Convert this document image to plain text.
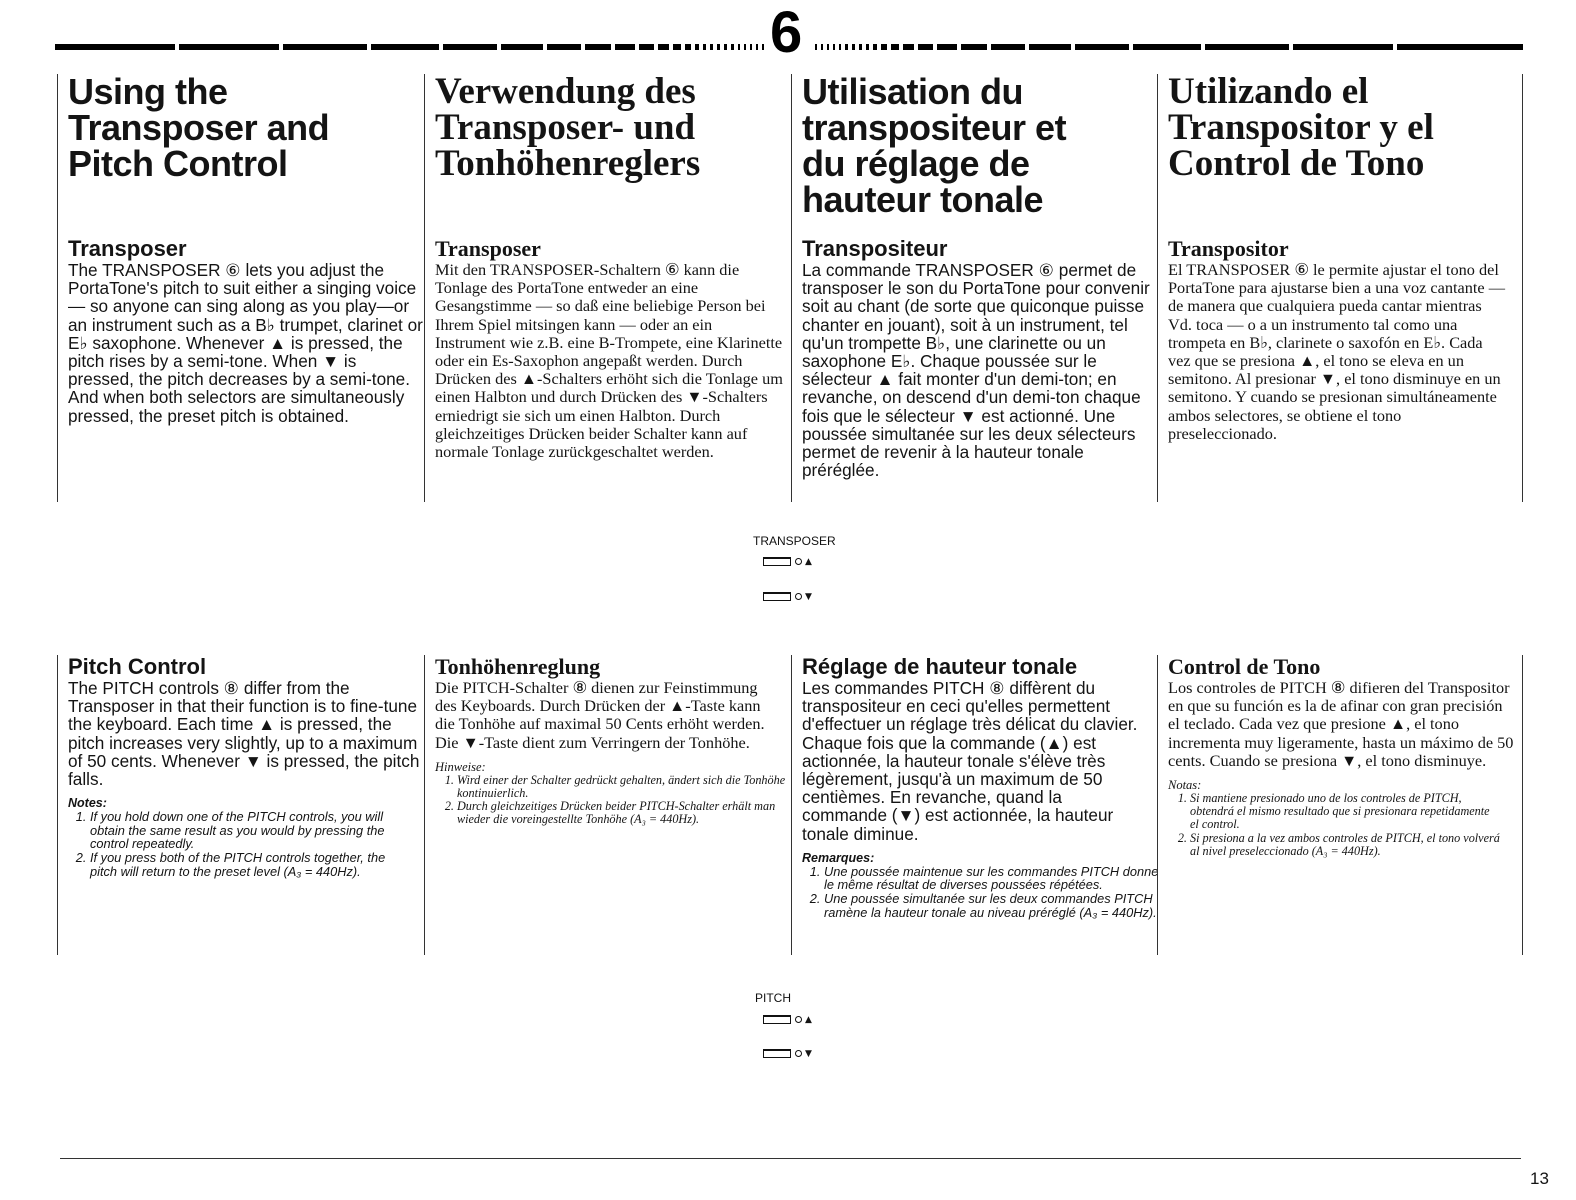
6
Using the
Transposer and
Pitch Control
Transposer

The TRANSPOSER ⑥ lets you adjust the PortaTone's pitch to suit either a singing voice — so anyone can sing along as you play—or an instrument such as a B♭ trumpet, clarinet or E♭ saxophone. Whenever ▲ is pressed, the pitch rises by a semi-tone. When ▼ is pressed, the pitch decreases by a semi-tone. And when both selectors are simultaneously pressed, the preset pitch is obtained.

Verwendung des
Transposer- und
Tonhöhenreglers
Transposer

Mit den TRANSPOSER-Schaltern ⑥ kann die Tonlage des PortaTone entweder an eine Gesangstimme — so daß eine beliebige Person bei Ihrem Spiel mitsingen kann — oder an ein Instrument wie z.B. eine B-Trompete, eine Klarinette oder ein Es-Saxophon angepaßt werden. Durch Drücken des ▲-Schalters erhöht sich die Tonlage um einen Halbton und durch Drücken des ▼-Schalters erniedrigt sie sich um einen Halbton. Durch gleichzeitiges Drücken beider Schalter kann auf normale Tonlage zurückgeschaltet werden.

Utilisation du
transpositeur et
du réglage de
hauteur tonale
Transpositeur

La commande TRANSPOSER ⑥ permet de transposer le son du PortaTone pour convenir soit au chant (de sorte que quiconque puisse chanter en jouant), soit à un instrument, tel qu'un trompette B♭, une clarinette ou un saxophone E♭. Chaque poussée sur le sélecteur ▲ fait monter d'un demi-ton; en revanche, on descend d'un demi-ton chaque fois que le sélecteur ▼ est actionné. Une poussée simultanée sur les deux sélecteurs permet de revenir à la hauteur tonale préréglée.

Utilizando el
Transpositor y el
Control de Tono
Transpositor

El TRANSPOSER ⑥ le permite ajustar el tono del PortaTone para ajustarse bien a una voz cantante — de manera que cualquiera pueda cantar mientras Vd. toca — o a un instrumento tal como una trompeta en B♭, clarinete o saxofón en E♭. Cada vez que se presiona ▲, el tono se eleva en un semitono. Al presionar ▼, el tono disminuye en un semitono. Y cuando se presionan simultáneamente ambos selectores, se obtiene el tono preseleccionado.

TRANSPOSER
▲
▼
Pitch Control

The PITCH controls ⑧ differ from the Transposer in that their function is to fine-tune the keyboard. Each time ▲ is pressed, the pitch increases very slightly, up to a maximum of 50 cents. Whenever ▼ is pressed, the pitch falls.

Notes:

1. If you hold down one of the PITCH controls, you will obtain the same result as you would by pressing the control repeatedly.
2. If you press both of the PITCH controls together, the pitch will return to the preset level (A₃ = 440Hz).
Tonhöhenreglung

Die PITCH-Schalter ⑧ dienen zur Feinstimmung des Keyboards. Durch Drücken der ▲-Taste kann die Tonhöhe auf maximal 50 Cents erhöht werden. Die ▼-Taste dient zum Verringern der Tonhöhe.

Hinweise:

1. Wird einer der Schalter gedrückt gehalten, ändert sich die Tonhöhe kontinuierlich.
2. Durch gleichzeitiges Drücken beider PITCH-Schalter erhält man wieder die voreingestellte Tonhöhe (A₃ = 440Hz).
Réglage de hauteur tonale

Les commandes PITCH ⑧ diffèrent du transpositeur en ceci qu'elles permettent d'effectuer un réglage très délicat du clavier. Chaque fois que la commande (▲) est actionnée, la hauteur tonale s'élève très légèrement, jusqu'à un maximum de 50 centièmes. En revanche, quand la commande (▼) est actionnée, la hauteur tonale diminue.

Remarques:

1. Une poussée maintenue sur les commandes PITCH donne le même résultat de diverses poussées répétées.
2. Une poussée simultanée sur les deux commandes PITCH ramène la hauteur tonale au niveau préréglé (A₃ = 440Hz).
Control de Tono

Los controles de PITCH ⑧ difieren del Transpositor en que su función es la de afinar con gran precisión el teclado. Cada vez que presione ▲, el tono incrementa muy ligeramente, hasta un máximo de 50 cents. Cuando se presiona ▼, el tono disminuye.

Notas:

1. Si mantiene presionado uno de los controles de PITCH, obtendrá el mismo resultado que si presionara repetidamente el control.
2. Si presiona a la vez ambos controles de PITCH, el tono volverá al nivel preseleccionado (A₃ = 440Hz).
PITCH
▲
▼
13
